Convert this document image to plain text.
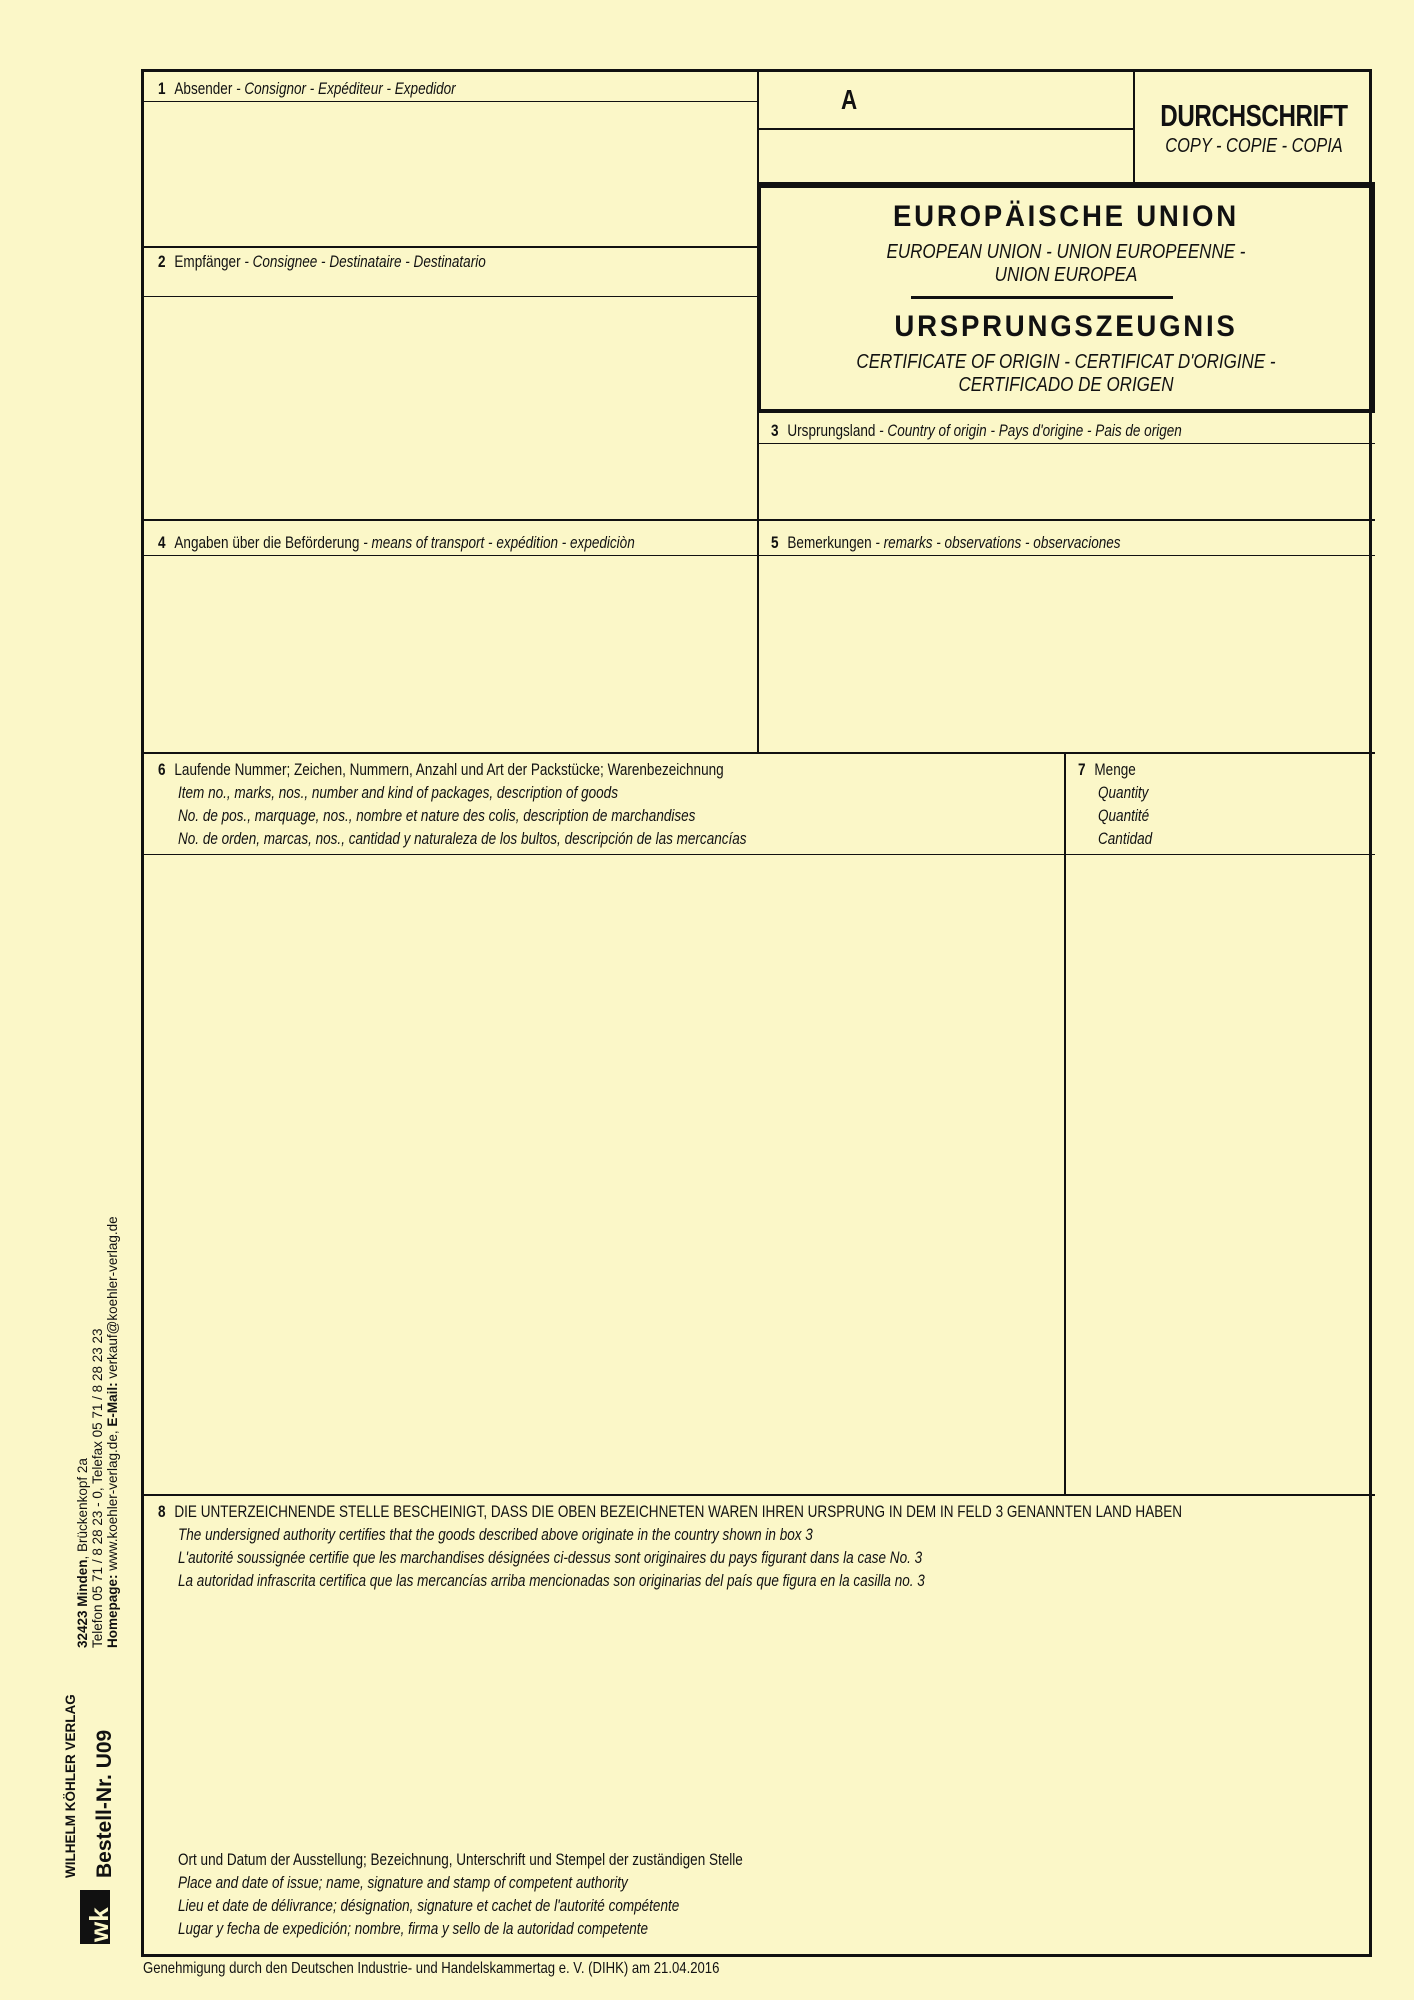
wk
WILHELM KÖHLER VERLAG Bestell-Nr. U09
32423 Minden, Brückenkopf 2a Telefon 05 71 / 8 28 23 - 0, Telefax 05 71 / 8 28 23 23 Homepage: www.koehler-verlag.de, E-Mail: verkauf@koehler-verlag.de
1 Absender - Consignor - Expéditeur - Expedidor
2 Empfänger - Consignee - Destinataire - Destinatario
A	DURCHSCHRIFT
COPY - COPIE - COPIA
EUROPÄISCHE UNION
EUROPEAN UNION - UNION EUROPEENNE -
UNION EUROPEA
URSPRUNGSZEUGNIS
CERTIFICATE OF ORIGIN - CERTIFICAT D'ORIGINE -
CERTIFICADO DE ORIGEN
3 Ursprungsland - Country of origin - Pays d'origine - Pais de origen
4 Angaben über die Beförderung - means of transport - expédition - expediciòn	5 Bemerkungen - remarks - observations - observaciones
6 Laufende Nummer; Zeichen, Nummern, Anzahl und Art der Packstücke; Warenbezeichnung
Item no., marks, nos., number and kind of packages, description of goods
No. de pos., marquage, nos., nombre et nature des colis, description de marchandises
No. de orden, marcas, nos., cantidad y naturaleza de los bultos, descripción de las mercancías
7 Menge
Quantity
Quantité
Cantidad
8 DIE UNTERZEICHNENDE STELLE BESCHEINIGT, DASS DIE OBEN BEZEICHNETEN WAREN IHREN URSPRUNG IN DEM IN FELD 3 GENANNTEN LAND HABEN
The undersigned authority certifies that the goods described above originate in the country shown in box 3
L'autorité soussignée certifie que les marchandises désignées ci-dessus sont originaires du pays figurant dans la case No. 3
La autoridad infrascrita certifica que las mercancías arriba mencionadas son originarias del país que figura en la casilla no. 3
Ort und Datum der Ausstellung; Bezeichnung, Unterschrift und Stempel der zuständigen Stelle
Place and date of issue; name, signature and stamp of competent authority
Lieu et date de délivrance; désignation, signature et cachet de l'autorité compétente
Lugar y fecha de expedición; nombre, firma y sello de la autoridad competente
Genehmigung durch den Deutschen Industrie- und Handelskammertag e. V. (DIHK) am 21.04.2016
